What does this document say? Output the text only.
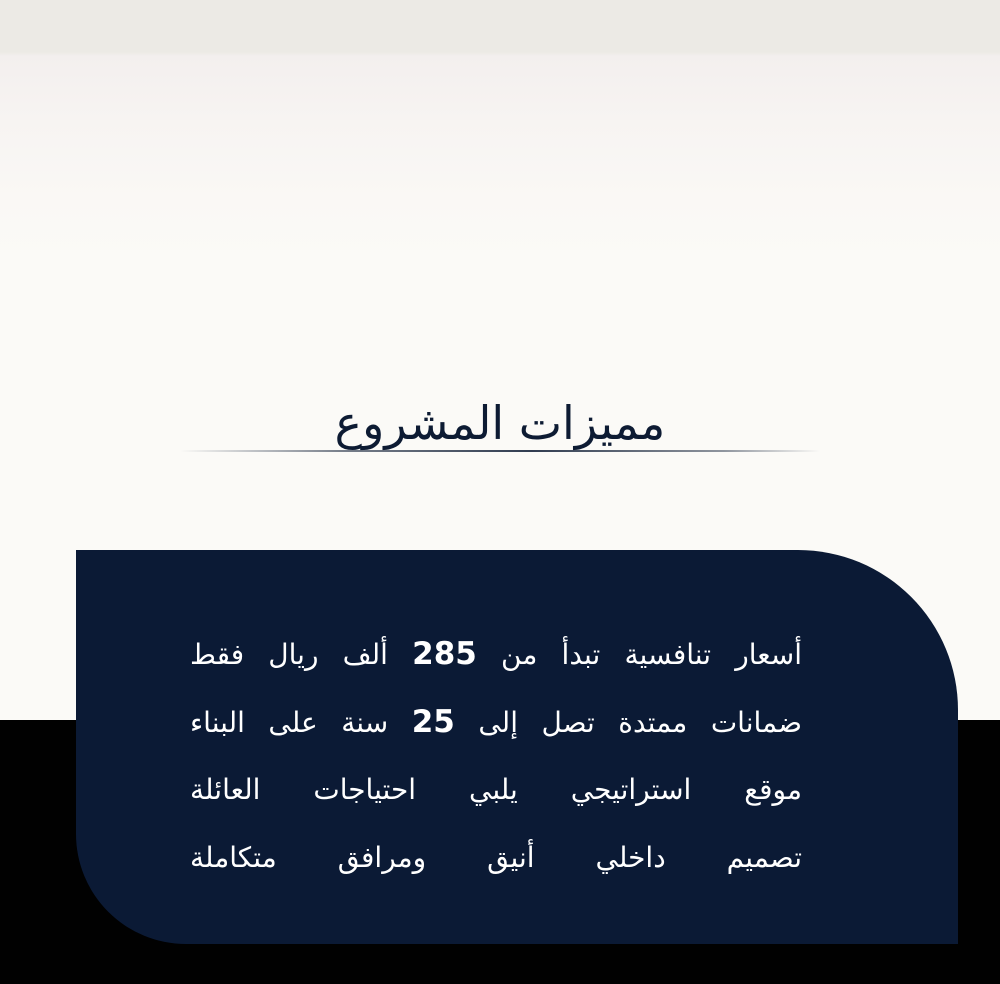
مميزات المشروع
أسعار تنافسية تبدأ من 285 ألف ريال فقط
ضمانات ممتدة تصل إلى 25 سنة على البناء
موقع استراتيجي يلبي احتياجات العائلة
تصميم داخلي أنيق ومرافق متكاملة
